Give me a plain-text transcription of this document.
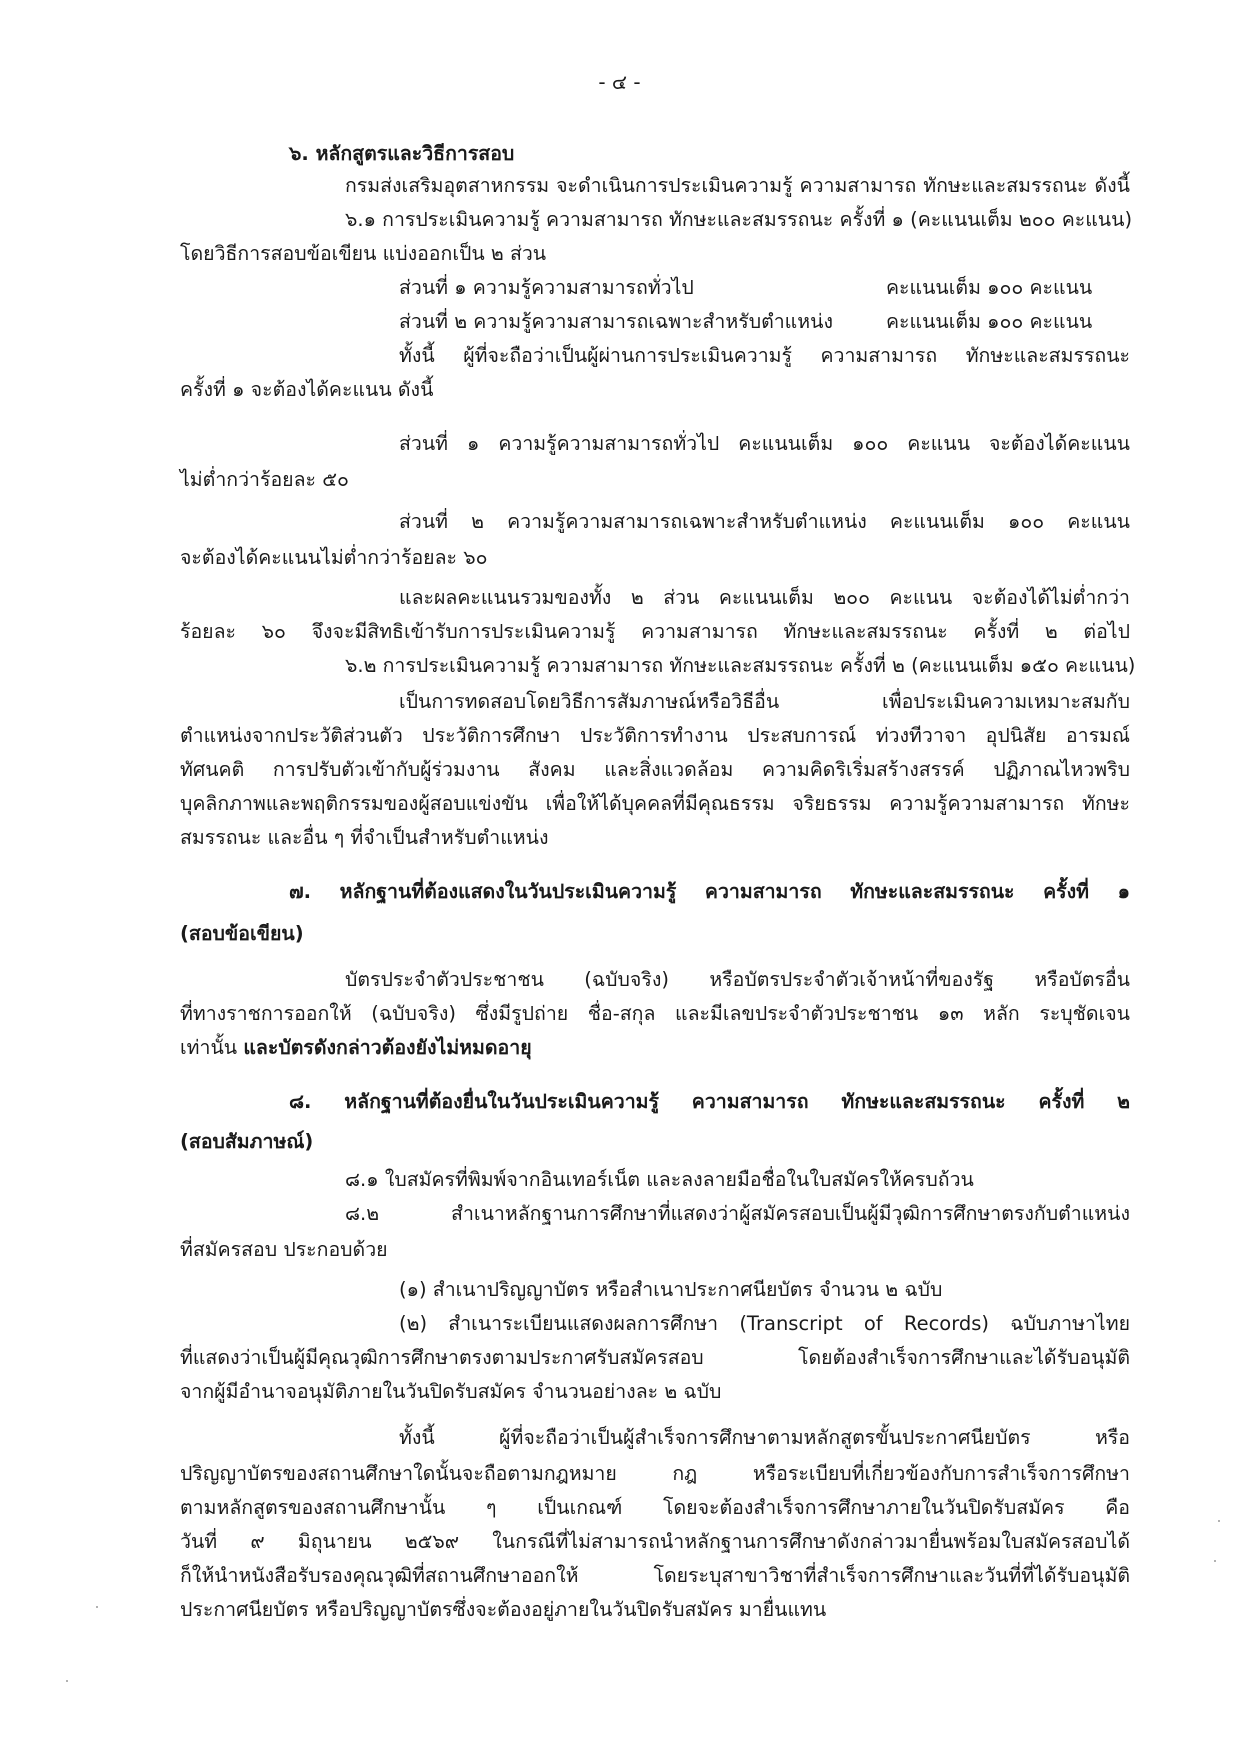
- ๔ -
๖. หลักสูตรและวิธีการสอบ
กรมส่งเสริมอุตสาหกรรม จะดำเนินการประเมินความรู้ ความสามารถ ทักษะและสมรรถนะ ดังนี้
๖.๑ การประเมินความรู้ ความสามารถ ทักษะและสมรรถนะ ครั้งที่ ๑ (คะแนนเต็ม ๒๐๐ คะแนน)
โดยวิธีการสอบข้อเขียน แบ่งออกเป็น ๒ ส่วน
ส่วนที่ ๑ ความรู้ความสามารถทั่วไป	คะแนนเต็ม ๑๐๐ คะแนน
ส่วนที่ ๒ ความรู้ความสามารถเฉพาะสำหรับตำแหน่ง	คะแนนเต็ม ๑๐๐ คะแนน
ทั้งนี้ ผู้ที่จะถือว่าเป็นผู้ผ่านการประเมินความรู้ ความสามารถ ทักษะและสมรรถนะ
ครั้งที่ ๑ จะต้องได้คะแนน ดังนี้
ส่วนที่ ๑ ความรู้ความสามารถทั่วไป คะแนนเต็ม ๑๐๐ คะแนน จะต้องได้คะแนน
ไม่ต่ำกว่าร้อยละ ๕๐
ส่วนที่ ๒ ความรู้ความสามารถเฉพาะสำหรับตำแหน่ง คะแนนเต็ม ๑๐๐ คะแนน
จะต้องได้คะแนนไม่ต่ำกว่าร้อยละ ๖๐
และผลคะแนนรวมของทั้ง ๒ ส่วน คะแนนเต็ม ๒๐๐ คะแนน จะต้องได้ไม่ต่ำกว่า
ร้อยละ ๖๐ จึงจะมีสิทธิเข้ารับการประเมินความรู้ ความสามารถ ทักษะและสมรรถนะ ครั้งที่ ๒ ต่อไป
๖.๒ การประเมินความรู้ ความสามารถ ทักษะและสมรรถนะ ครั้งที่ ๒ (คะแนนเต็ม ๑๕๐ คะแนน)
เป็นการทดสอบโดยวิธีการสัมภาษณ์หรือวิธีอื่น เพื่อประเมินความเหมาะสมกับ
ตำแหน่งจากประวัติส่วนตัว ประวัติการศึกษา ประวัติการทำงาน ประสบการณ์ ท่วงทีวาจา อุปนิสัย อารมณ์
ทัศนคติ การปรับตัวเข้ากับผู้ร่วมงาน สังคม และสิ่งแวดล้อม ความคิดริเริ่มสร้างสรรค์ ปฏิภาณไหวพริบ
บุคลิกภาพและพฤติกรรมของผู้สอบแข่งขัน เพื่อให้ได้บุคคลที่มีคุณธรรม จริยธรรม ความรู้ความสามารถ ทักษะ
สมรรถนะ และอื่น ๆ ที่จำเป็นสำหรับตำแหน่ง
๗. หลักฐานที่ต้องแสดงในวันประเมินความรู้ ความสามารถ ทักษะและสมรรถนะ ครั้งที่ ๑
(สอบข้อเขียน)
บัตรประจำตัวประชาชน (ฉบับจริง) หรือบัตรประจำตัวเจ้าหน้าที่ของรัฐ หรือบัตรอื่น
ที่ทางราชการออกให้ (ฉบับจริง) ซึ่งมีรูปถ่าย ชื่อ-สกุล และมีเลขประจำตัวประชาชน ๑๓ หลัก ระบุชัดเจน
เท่านั้น และบัตรดังกล่าวต้องยังไม่หมดอายุ
๘. หลักฐานที่ต้องยื่นในวันประเมินความรู้ ความสามารถ ทักษะและสมรรถนะ ครั้งที่ ๒
(สอบสัมภาษณ์)
๘.๑ ใบสมัครที่พิมพ์จากอินเทอร์เน็ต และลงลายมือชื่อในใบสมัครให้ครบถ้วน
๘.๒ สำเนาหลักฐานการศึกษาที่แสดงว่าผู้สมัครสอบเป็นผู้มีวุฒิการศึกษาตรงกับตำแหน่ง
ที่สมัครสอบ ประกอบด้วย
(๑) สำเนาปริญญาบัตร หรือสำเนาประกาศนียบัตร จำนวน ๒ ฉบับ
(๒) สำเนาระเบียนแสดงผลการศึกษา (Transcript of Records) ฉบับภาษาไทย
ที่แสดงว่าเป็นผู้มีคุณวุฒิการศึกษาตรงตามประกาศรับสมัครสอบ โดยต้องสำเร็จการศึกษาและได้รับอนุมัติ
จากผู้มีอำนาจอนุมัติภายในวันปิดรับสมัคร จำนวนอย่างละ ๒ ฉบับ
ทั้งนี้ ผู้ที่จะถือว่าเป็นผู้สำเร็จการศึกษาตามหลักสูตรขั้นประกาศนียบัตร หรือ
ปริญญาบัตรของสถานศึกษาใดนั้นจะถือตามกฎหมาย กฎ หรือระเบียบที่เกี่ยวข้องกับการสำเร็จการศึกษา
ตามหลักสูตรของสถานศึกษานั้น ๆ เป็นเกณฑ์ โดยจะต้องสำเร็จการศึกษาภายในวันปิดรับสมัคร คือ
วันที่ ๙ มิถุนายน ๒๕๖๙ ในกรณีที่ไม่สามารถนำหลักฐานการศึกษาดังกล่าวมายื่นพร้อมใบสมัครสอบได้
ก็ให้นำหนังสือรับรองคุณวุฒิที่สถานศึกษาออกให้ โดยระบุสาขาวิชาที่สำเร็จการศึกษาและวันที่ที่ได้รับอนุมัติ
ประกาศนียบัตร หรือปริญญาบัตรซึ่งจะต้องอยู่ภายในวันปิดรับสมัคร มายื่นแทน
